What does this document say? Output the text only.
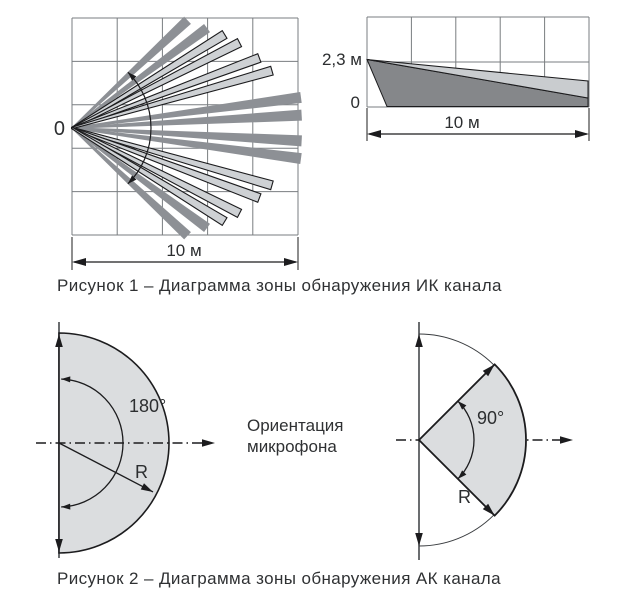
0
10 м
2,3 м
0
10 м
Рисунок 1 – Диаграмма зоны обнаружения ИК канала
180°
R
90°
R
Ориентация
микрофона
Рисунок 2 – Диаграмма зоны обнаружения АК канала
